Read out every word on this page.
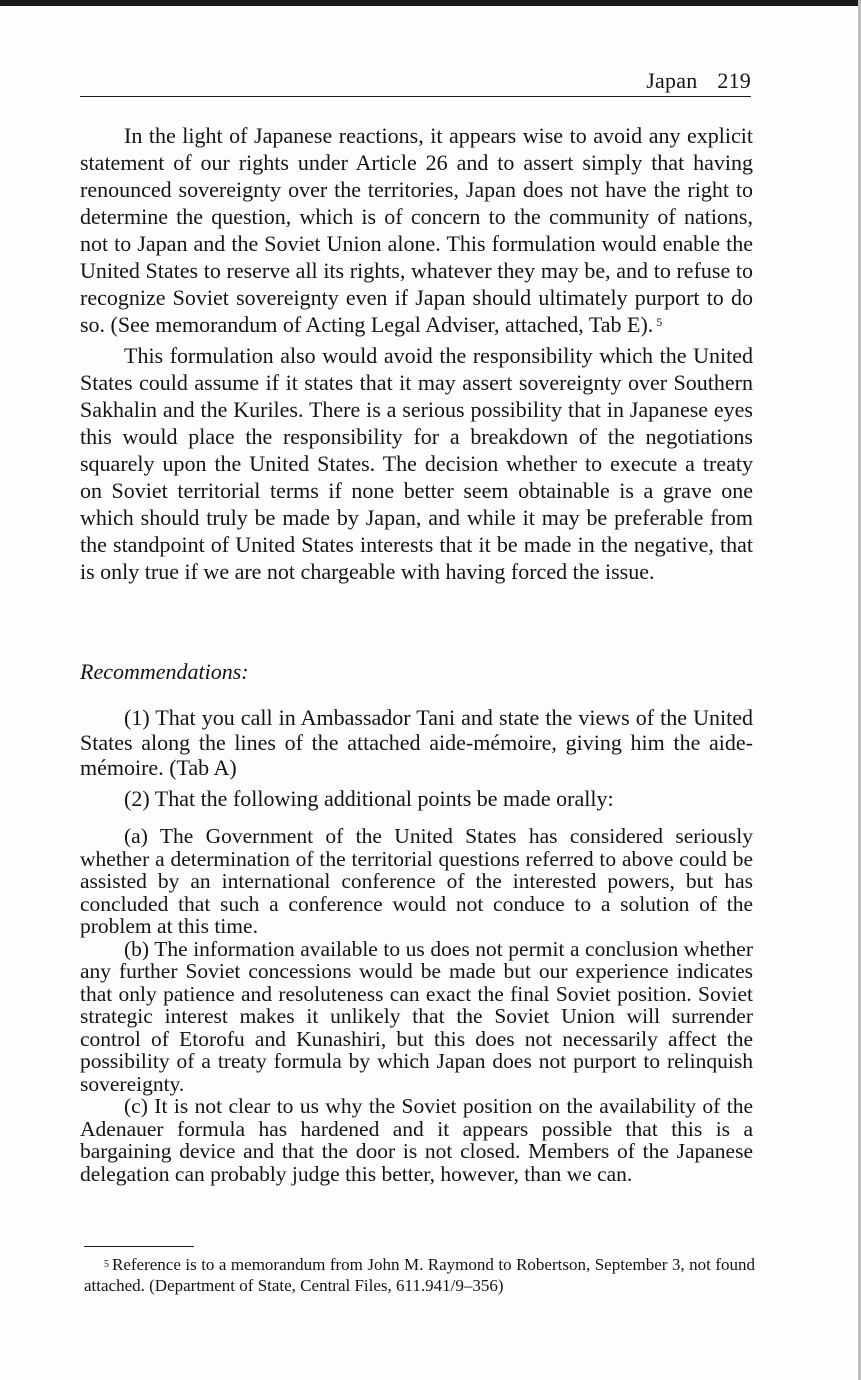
Japan 219

In the light of Japanese reactions, it appears wise to avoid any explicit statement of our rights under Article 26 and to assert simply that having renounced sovereignty over the territories, Japan does not have the right to determine the question, which is of concern to the community of nations, not to Japan and the Soviet Union alone. This formulation would enable the United States to reserve all its rights, whatever they may be, and to refuse to recognize Soviet sovereignty even if Japan should ultimately purport to do so. (See memorandum of Acting Legal Adviser, attached, Tab E). $^5$

This formulation also would avoid the responsibility which the United States could assume if it states that it may assert sovereignty over Southern Sakhalin and the Kuriles. There is a serious possibility that in Japanese eyes this would place the responsibility for a breakdown of the negotiations squarely upon the United States. The decision whether to execute a treaty on Soviet territorial terms if none better seem obtainable is a grave one which should truly be made by Japan, and while it may be preferable from the standpoint of United States interests that it be made in the negative, that is only true if we are not chargeable with having forced the issue.

Recommendations:

(1) That you call in Ambassador Tani and state the views of the United States along the lines of the attached aide-mémoire, giving him the aide-mémoire. (Tab A)

(2) That the following additional points be made orally:

(a) The Government of the United States has considered seriously whether a determination of the territorial questions referred to above could be assisted by an international conference of the interested powers, but has concluded that such a conference would not conduce to a solution of the problem at this time.

(b) The information available to us does not permit a conclusion whether any further Soviet concessions would be made but our experience indicates that only patience and resoluteness can exact the final Soviet position. Soviet strategic interest makes it unlikely that the Soviet Union will surrender control of Etorofu and Kunashiri, but this does not necessarily affect the possibility of a treaty formula by which Japan does not purport to relinquish sovereignty.

(c) It is not clear to us why the Soviet position on the availability of the Adenauer formula has hardened and it appears possible that this is a bargaining device and that the door is not closed. Members of the Japanese delegation can probably judge this better, however, than we can.

$^5$ Reference is to a memorandum from John M. Raymond to Robertson, September 3, not found attached. (Department of State, Central Files, 611.941/9–356)
